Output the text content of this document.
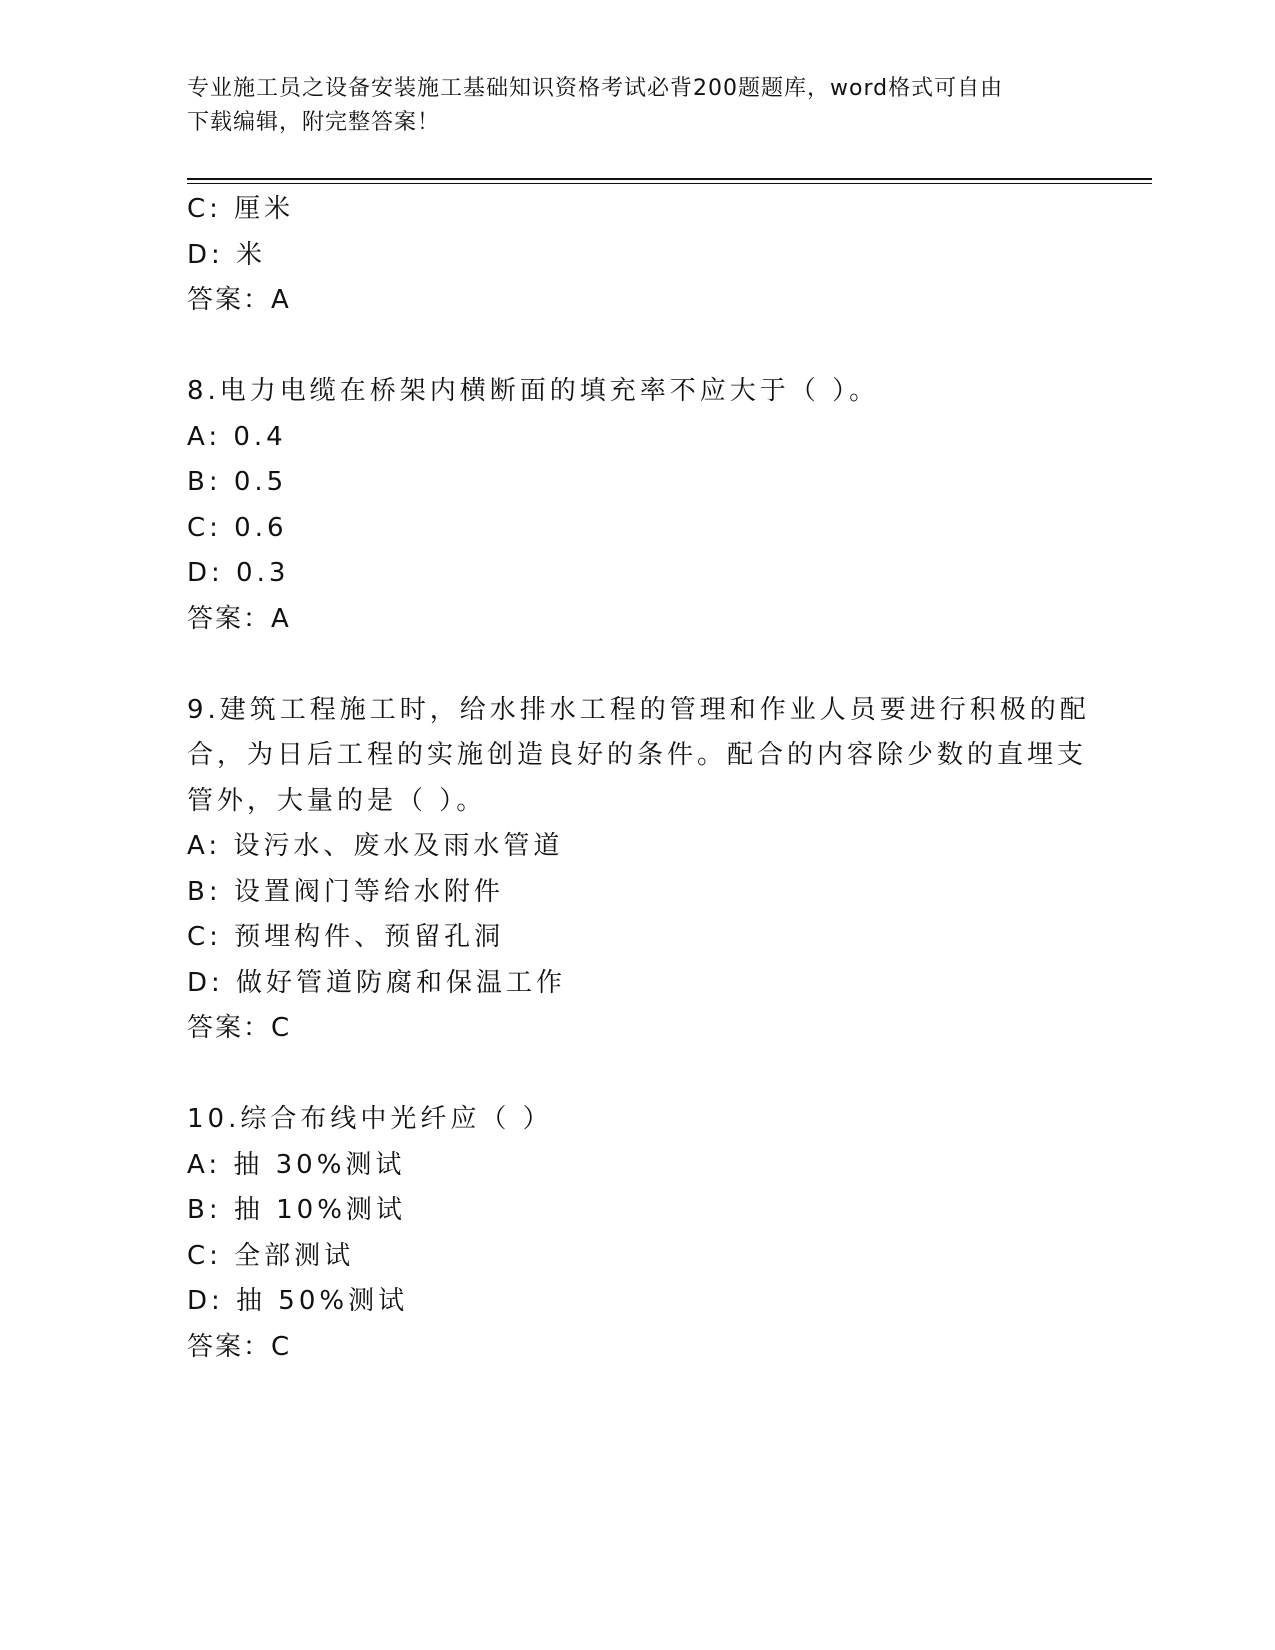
专业施工员之设备安装施工基础知识资格考试必背200题题库，word格式可自由
下载编辑，附完整答案！
C: 厘米
D: 米
答案：A
8.电力电缆在桥架内横断面的填充率不应大于（ ）。
A: 0.4
B: 0.5
C: 0.6
D: 0.3
答案：A
9.建筑工程施工时，给水排水工程的管理和作业人员要进行积极的配
合，为日后工程的实施创造良好的条件。配合的内容除少数的直埋支
管外，大量的是（ ）。
A: 设污水、废水及雨水管道
B: 设置阀门等给水附件
C: 预埋构件、预留孔洞
D: 做好管道防腐和保温工作
答案：C
10.综合布线中光纤应（ ）
A: 抽 30%测试
B: 抽 10%测试
C: 全部测试
D: 抽 50%测试
答案：C
